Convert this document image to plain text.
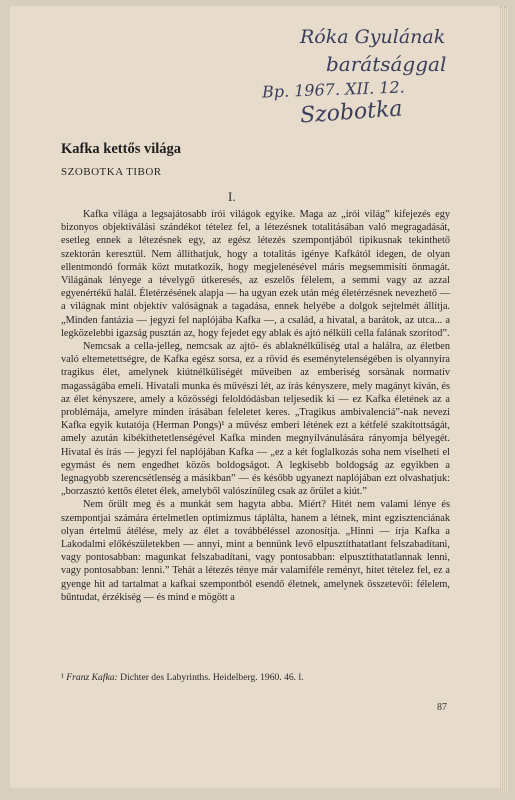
Róka Gyulának
barátsággal
Bp. 1967. XII. 12.
Szobotka
Kafka kettős világa
SZOBOTKA TIBOR
I.

Kafka világa a legsajátosabb írói világok egyike. Maga az „írói világ” kifejezés egy bizonyos objektiválási szándékot tételez fel, a létezésnek totalitásában való megragadását, esetleg ennek a létezésnek egy, az egész létezés szempontjából tipikusnak tekinthető szektorán keresztül. Nem állíthatjuk, hogy a totalitás igénye Kafkától idegen, de olyan ellentmondó formák közt mutatkozik, hogy megjelenésével máris megsemmisíti önmagát. Világának lényege a tévelygő útkeresés, az eszelős félelem, a semmi vagy az azzal egyenértékű halál. Életérzésének alapja — ha ugyan ezek után még életérzésnek nevezhető — a világnak mint objektív valóságnak a tagadása, ennek helyébe a dolgok sejtelmét állítja. „Minden fantázia — jegyzi fel naplójába Kafka —, a család, a hivatal, a barátok, az utca... a legközelebbi igazság pusztán az, hogy fejedet egy ablak és ajtó nélküli cella falának szorítod”.

Nemcsak a cella-jelleg, nemcsak az ajtó- és ablaknélküliség utal a halálra, az életben való eltemetettségre, de Kafka egész sorsa, ez a rövid és eseménytelenségében is olyannyira tragikus élet, amelynek kiútnélküliségét műveiben az emberiség sorsának normatív magasságába emeli. Hivatali munka és művészi lét, az írás kényszere, mely magányt kíván, és az élet kényszere, amely a közösségi feloldódásban teljesedik ki — ez Kafka életének az a problémája, amelyre minden írásában feleletet keres. „Tragikus ambivalenciá”-nak nevezi Kafka egyik kutatója (Herman Pongs)¹ a művész emberi létének ezt a kétfelé szakítottságát, amely azután kibékíthetetlenségével Kafka minden megnyilvánulására rányomja bélyegét. Hivatal és írás — jegyzi fel naplójában Kafka — „ez a két foglalkozás soha nem viselheti el egymást és nem engedhet közös boldogságot. A legkisebb boldogság az egyikben a legnagyobb szerencsétlenség a másikban” — és később ugyanezt naplójában ezt olvashatjuk: „borzasztó kettős életet élek, amelyből valószínűleg csak az őrület a kiút.”

Nem őrült meg és a munkát sem hagyta abba. Miért? Hitét nem valami lénye és szempontjai számára értelmetlen optimizmus táplálta, hanem a létnek, mint egzisztenciának olyan értelmű átélése, mely az élet a továbbéléssel azonosítja. „Hinni — írja Kafka a Lakodalmi előkészületekben — annyi, mint a bennünk levő elpusztíthatatlant felszabadítani, vagy pontosabban: magunkat felszabadítani, vagy pontosabban: elpusztíthatatlannak lenni, vagy pontosabban: lenni.” Tehát a létezés ténye már valamiféle reményt, hitet tételez fel, ez a gyenge hit ad tartalmat a kafkai szempontból esendő életnek, amelynek összetevői: félelem, bűntudat, érzékiség — és mind e mögött a

¹ Franz Kafka: Dichter des Labyrinths. Heidelberg. 1960. 46. l.
87
